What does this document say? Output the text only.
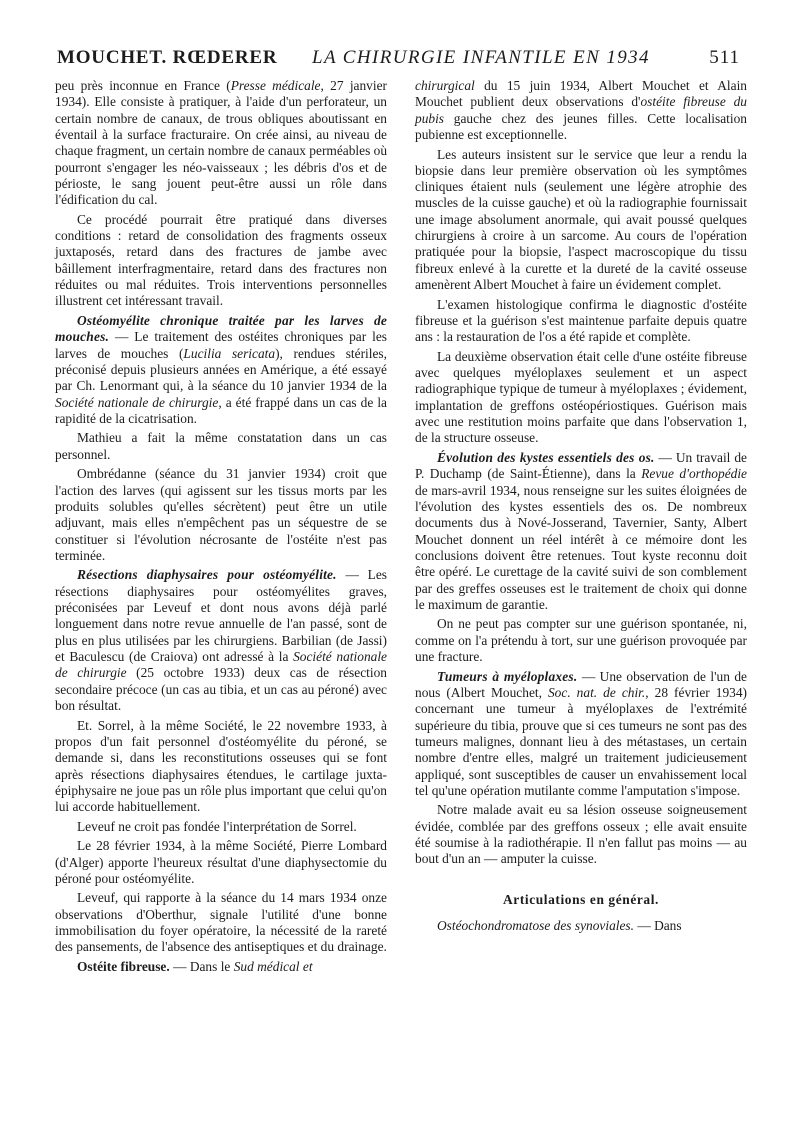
MOUCHET. RŒDERER LA CHIRURGIE INFANTILE EN 1934	511

peu près inconnue en France (Presse médicale, 27 janvier 1934). Elle consiste à pratiquer, à l'aide d'un perforateur, un certain nombre de canaux, de trous obliques aboutissant en éventail à la surface fracturaire. On crée ainsi, au niveau de chaque fragment, un certain nombre de canaux perméables où pourront s'engager les néo-vaisseaux ; les débris d'os et de périoste, le sang jouent peut-être aussi un rôle dans l'édification du cal.

Ce procédé pourrait être pratiqué dans diverses conditions : retard de consolidation des fragments osseux juxtaposés, retard dans des fractures de jambe avec bâillement interfragmentaire, retard dans des fractures non réduites ou mal réduites. Trois interventions personnelles illustrent cet intéressant travail.

Ostéomyélite chronique traitée par les larves de mouches. — Le traitement des ostéites chroniques par les larves de mouches (Lucilia sericata), rendues stériles, préconisé depuis plusieurs années en Amérique, a été essayé par Ch. Lenormant qui, à la séance du 10 janvier 1934 de la Société nationale de chirurgie, a été frappé dans un cas de la rapidité de la cicatrisation.

Mathieu a fait la même constatation dans un cas personnel.

Ombrédanne (séance du 31 janvier 1934) croit que l'action des larves (qui agissent sur les tissus morts par les produits solubles qu'elles sécrètent) peut être un utile adjuvant, mais elles n'empêchent pas un séquestre de se constituer si l'évolution nécrosante de l'ostéite n'est pas terminée.

Résections diaphysaires pour ostéomyélite. — Les résections diaphysaires pour ostéomyélites graves, préconisées par Leveuf et dont nous avons déjà parlé longuement dans notre revue annuelle de l'an passé, sont de plus en plus utilisées par les chirurgiens. Barbilian (de Jassi) et Baculescu (de Craiova) ont adressé à la Société nationale de chirurgie (25 octobre 1933) deux cas de résection secondaire précoce (un cas au tibia, et un cas au péroné) avec bon résultat.

Et. Sorrel, à la même Société, le 22 novembre 1933, à propos d'un fait personnel d'ostéomyélite du péroné, se demande si, dans les reconstitutions osseuses qui se font après résections diaphysaires étendues, le cartilage juxta-épiphysaire ne joue pas un rôle plus important que celui qu'on lui accorde habituellement.

Leveuf ne croit pas fondée l'interprétation de Sorrel.

Le 28 février 1934, à la même Société, Pierre Lombard (d'Alger) apporte l'heureux résultat d'une diaphysectomie du péroné pour ostéomyélite.

Leveuf, qui rapporte à la séance du 14 mars 1934 onze observations d'Oberthur, signale l'utilité d'une bonne immobilisation du foyer opératoire, la nécessité de la rareté des pansements, de l'absence des antiseptiques et du drainage.

Ostéite fibreuse. — Dans le Sud médical et

chirurgical du 15 juin 1934, Albert Mouchet et Alain Mouchet publient deux observations d'ostéite fibreuse du pubis gauche chez des jeunes filles. Cette localisation pubienne est exceptionnelle.

Les auteurs insistent sur le service que leur a rendu la biopsie dans leur première observation où les symptômes cliniques étaient nuls (seulement une légère atrophie des muscles de la cuisse gauche) et où la radiographie fournissait une image absolument anormale, qui avait poussé quelques chirurgiens à croire à un sarcome. Au cours de l'opération pratiquée pour la biopsie, l'aspect macroscopique du tissu fibreux enlevé à la curette et la dureté de la cavité osseuse amenèrent Albert Mouchet à faire un évidement complet.

L'examen histologique confirma le diagnostic d'ostéite fibreuse et la guérison s'est maintenue parfaite depuis quatre ans : la restauration de l'os a été rapide et complète.

La deuxième observation était celle d'une ostéite fibreuse avec quelques myéloplaxes seulement et un aspect radiographique typique de tumeur à myéloplaxes ; évidement, implantation de greffons ostéopériostiques. Guérison mais avec une restitution moins parfaite que dans l'observation 1, de la structure osseuse.

Évolution des kystes essentiels des os. — Un travail de P. Duchamp (de Saint-Étienne), dans la Revue d'orthopédie de mars-avril 1934, nous renseigne sur les suites éloignées de l'évolution des kystes essentiels des os. De nombreux documents dus à Nové-Josserand, Tavernier, Santy, Albert Mouchet donnent un réel intérêt à ce mémoire dont les conclusions doivent être retenues. Tout kyste reconnu doit être opéré. Le curettage de la cavité suivi de son comblement par des greffes osseuses est le traitement de choix qui donne le maximum de garantie.

On ne peut pas compter sur une guérison spontanée, ni, comme on l'a prétendu à tort, sur une guérison provoquée par une fracture.

Tumeurs à myéloplaxes. — Une observation de l'un de nous (Albert Mouchet, Soc. nat. de chir., 28 février 1934) concernant une tumeur à myéloplaxes de l'extrémité supérieure du tibia, prouve que si ces tumeurs ne sont pas des tumeurs malignes, donnant lieu à des métastases, un certain nombre d'entre elles, malgré un traitement judicieusement appliqué, sont susceptibles de causer un envahissement local tel qu'une opération mutilante comme l'amputation s'impose.

Notre malade avait eu sa lésion osseuse soigneusement évidée, comblée par des greffons osseux ; elle avait ensuite été soumise à la radiothérapie. Il n'en fallut pas moins — au bout d'un an — amputer la cuisse.

Articulations en général.

Ostéochondromatose des synoviales. — Dans
